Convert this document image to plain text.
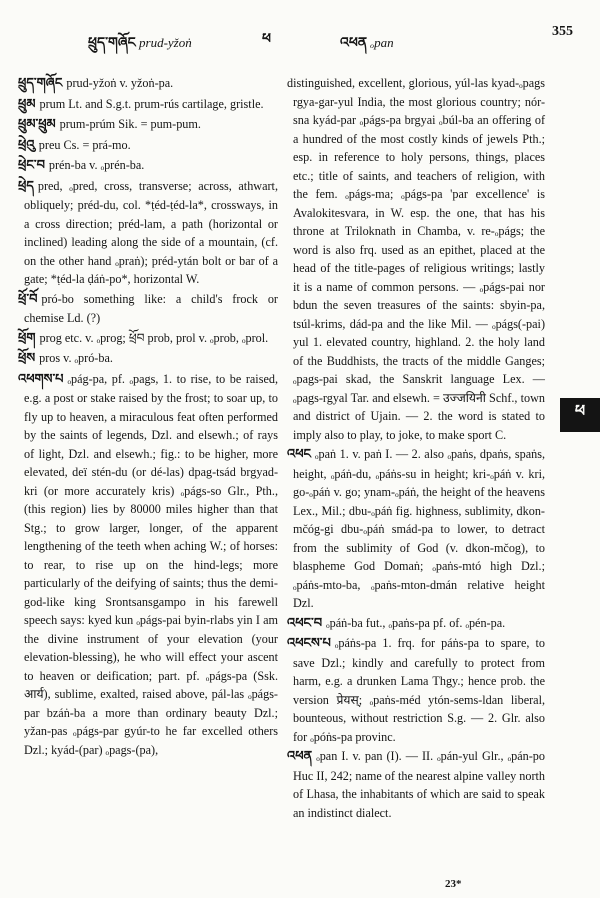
ཕྲུད་གཞོང prud-yžoṅ	ཕ	འཕན ₒpan
355

ཕྲུད་གཞོང prud-yžoṅ v. yžoṅ-pa.

ཕྲུམ prum Lt. and S.g.t. prum-rús cartilage, gristle.

ཕྲུམ་ཕྲུམ prum-prúm Sik. = pum-pum.

ཕྲེའུ preu Cs. = prá-mo.

ཕྲེང་བ prén-ba v. ₒprén-ba.

ཕྲེད pred, ₒpred, cross, transverse; across, athwart, obliquely; préd-du, col. *ṭéd-ṭéd-la*, crossways, in a cross direction; préd-lam, a path (horizontal or inclined) leading along the side of a mountain, (cf. on the other hand ₒpraṅ); préd-ytán bolt or bar of a gate; *ṭéd-la ḍáṅ-po*, horizontal W.

ཕྲོ་བོ pró-bo something like: a child's frock or chemise Ld. (?)

ཕྲོག prog etc. v. ₒprog; ཕྲོབ prob, prol v. ₒprob, ₒprol.

ཕྲོས pros v. ₒpró-ba.

འཕགས་པ ₒpág-pa, pf. ₒpags, 1. to rise, to be raised, e.g. a post or stake raised by the frost; to soar up, to fly up to heaven, a miraculous feat often performed by the saints of legends, Dzl. and elsewh.; of rays of light, Dzl. and elsewh.; fig.: to be higher, more elevated, deï stén-du (or dé-las) dpag-tsád brgyad-kri (or more accurately kris) ₒpágs-so Glr., Pth., (this region) lies by 80000 miles higher than that Stg.; to grow larger, longer, of the apparent lengthening of the teeth when aching W.; of horses: to rear, to rise up on the hind-legs; more particularly of the deifying of saints; thus the demi-god-like king Srontsansgampo in his farewell speech says: kyed kun ₒpágs-pai byin-rlabs yin I am the divine instrument of your elevation (your elevation-blessing), he who will effect your ascent to heaven or deification; part. pf. ₒpágs-pa (Ssk. आर्य), sublime, exalted, raised above, pál-las ₒpágs-par bzáṅ-ba a more than ordinary beauty Dzl.; yžan-pas ₒpágs-par gyúr-to he far excelled others Dzl.; kyád-(par) ₒpags-(pa),

distinguished, excellent, glorious, yúl-las kyad-ₒpags rgya-gar-yul India, the most glorious country; nór-sna kyád-par ₒpágs-pa brgyai ₒbúl-ba an offering of a hundred of the most costly kinds of jewels Pth.; esp. in reference to holy persons, things, places etc.; title of saints, and teachers of religion, with the fem. ₒpágs-ma; ₒpágs-pa 'par excellence' is Avalokitesvara, in W. esp. the one, that has his throne at Triloknath in Chamba, v. re-ₒpágs; the word is also frq. used as an epithet, placed at the head of the title-pages of religious writings; lastly it is a name of common persons. — ₒpágs-pai nor bdun the seven treasures of the saints: sbyin-pa, tsúl-krims, dád-pa and the like Mil. — ₒpágs(-pai) yul 1. elevated country, highland. 2. the holy land of the Buddhists, the tracts of the middle Ganges; ₒpags-pai skad, the Sanskrit language Lex. — ₒpags-rgyal Tar. and elsewh. = उज्जयिनी Schf., town and district of Ujain. — 2. the word is stated to imply also to play, to joke, to make sport C.

འཕང ₒpaṅ 1. v. paṅ I. — 2. also ₒpaṅs, dpaṅs, spaṅs, height, ₒpáṅ-du, ₒpáṅs-su in height; kri-ₒpáṅ v. kri, go-ₒpáṅ v. go; ynam-ₒpáṅ, the height of the heavens Lex., Mil.; dbu-ₒpáṅ fig. highness, sublimity, dkon-mčóg-gi dbu-ₒpáṅ smád-pa to lower, to detract from the sublimity of God (v. dkon-mčog), to blaspheme God Domaṅ; ₒpaṅs-mtó high Dzl.; ₒpáṅs-mto-ba, ₒpaṅs-mton-dmán relative height Dzl.

འཕང་བ ₒpáṅ-ba fut., ₒpaṅs-pa pf. of. ₒpén-pa.

འཕངས་པ ₒpáṅs-pa 1. frq. for páṅs-pa to spare, to save Dzl.; kindly and carefully to protect from harm, e.g. a drunken Lama Thgy.; hence prob. the version प्रेयस्; ₒpaṅs-méd ytón-sems-ldan liberal, bounteous, without restriction S.g. — 2. Glr. also for ₒpóṅs-pa provinc.

འཕན ₒpan I. v. pan (I). — II. ₒpán-yul Glr., ₒpán-po Huc II, 242; name of the nearest alpine valley north of Lhasa, the inhabitants of which are said to speak an indistinct dialect.

ཕ
23*
